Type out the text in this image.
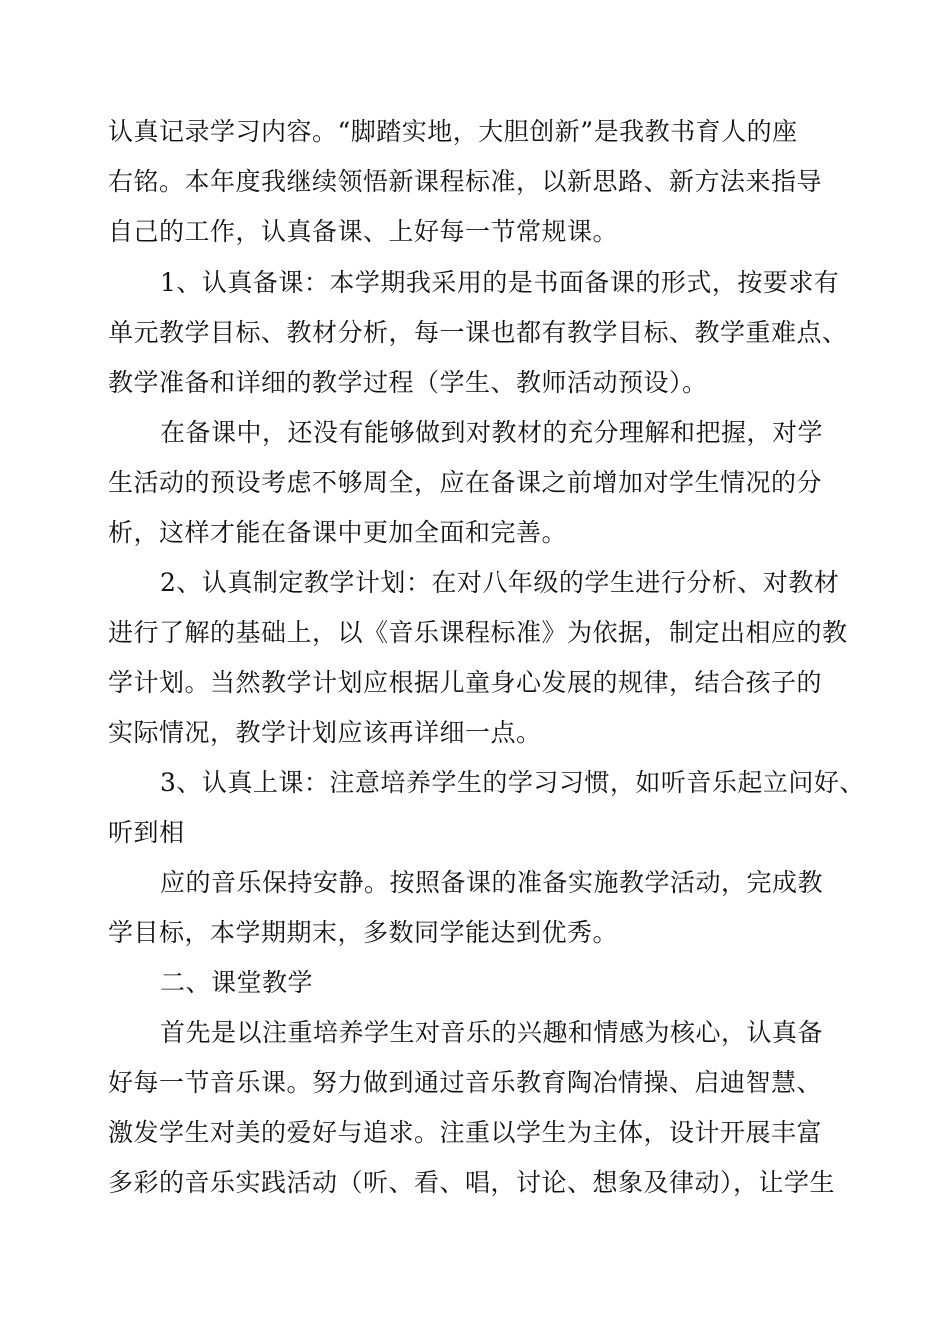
认真记录学习内容。“脚踏实地，大胆创新”是我教书育人的座
右铭。本年度我继续领悟新课程标准，以新思路、新方法来指导
自己的工作，认真备课、上好每一节常规课。
1、认真备课：本学期我采用的是书面备课的形式，按要求有
单元教学目标、教材分析，每一课也都有教学目标、教学重难点、
教学准备和详细的教学过程（学生、教师活动预设）。
在备课中，还没有能够做到对教材的充分理解和把握，对学
生活动的预设考虑不够周全，应在备课之前增加对学生情况的分
析，这样才能在备课中更加全面和完善。
2、认真制定教学计划：在对八年级的学生进行分析、对教材
进行了解的基础上，以《音乐课程标准》为依据，制定出相应的教
学计划。当然教学计划应根据儿童身心发展的规律，结合孩子的
实际情况，教学计划应该再详细一点。
3、认真上课：注意培养学生的学习习惯，如听音乐起立问好、
听到相
应的音乐保持安静。按照备课的准备实施教学活动，完成教
学目标，本学期期末，多数同学能达到优秀。
二、课堂教学
首先是以注重培养学生对音乐的兴趣和情感为核心，认真备
好每一节音乐课。努力做到通过音乐教育陶冶情操、启迪智慧、
激发学生对美的爱好与追求。注重以学生为主体，设计开展丰富
多彩的音乐实践活动（听、看、唱，讨论、想象及律动），让学生
